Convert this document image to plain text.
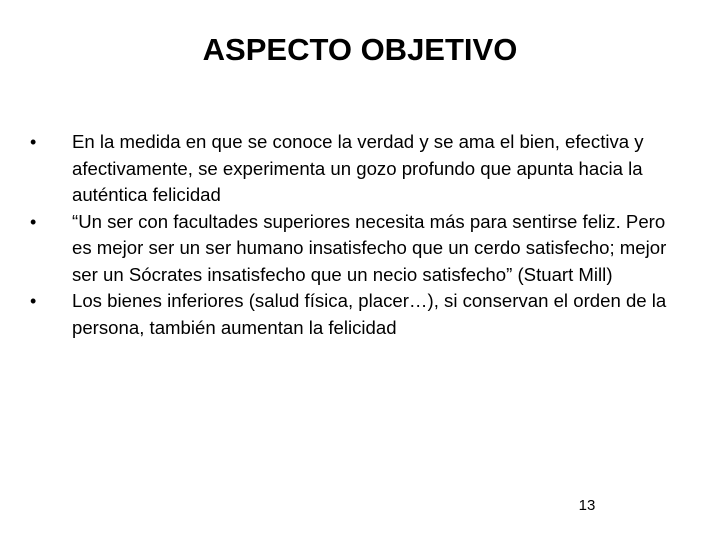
ASPECTO OBJETIVO
•	En la medida en que se conoce la verdad y se ama el bien, efectiva y afectivamente, se experimenta un gozo profundo que apunta hacia la auténtica felicidad
•	“Un ser con facultades superiores necesita más para sentirse feliz. Pero es mejor ser un ser humano insatisfecho que un cerdo satisfecho; mejor ser un Sócrates insatisfecho que un necio satisfecho” (Stuart Mill)
•	Los bienes inferiores (salud física, placer…), si conservan el orden de la persona, también aumentan la felicidad
13
